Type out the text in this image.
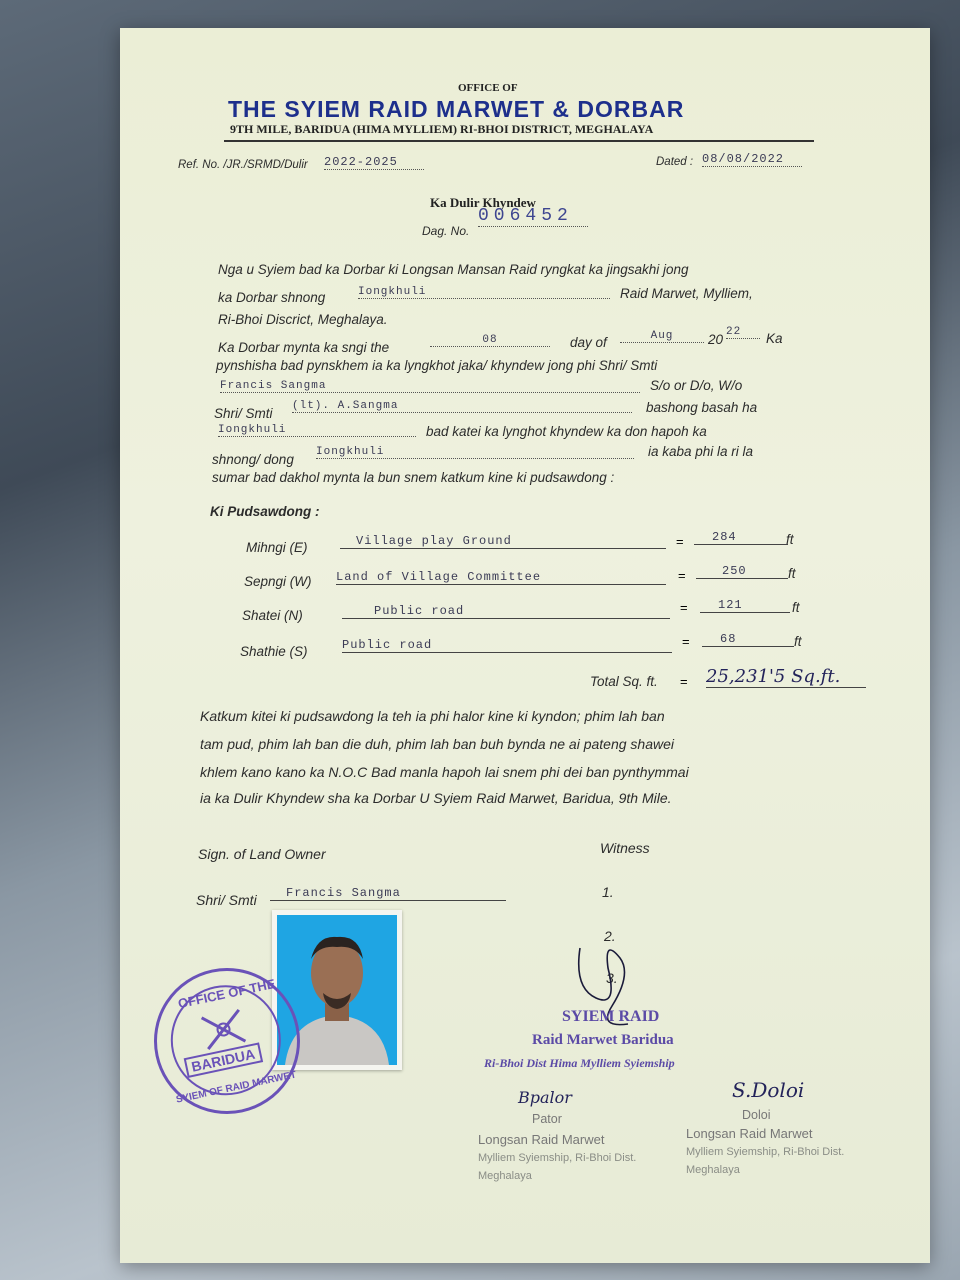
OFFICE OF
THE SYIEM RAID MARWET & DORBAR
9TH MILE, BARIDUA (HIMA MYLLIEM) RI-BHOI DISTRICT, MEGHALAYA
Ref. No. /JR./SRMD/Dulir 2022-2025	Dated : 08/08/2022
Ka Dulir Khyndew
Dag. No.
006452
Nga u Syiem bad ka Dorbar ki Longsan Mansan Raid ryngkat ka jingsakhi jong
ka Dorbar shnong	Iongkhuli	Raid Marwet, Mylliem,
Ri-Bhoi Discrict, Meghalaya.
Ka Dorbar mynta ka sngi the	08	day of	Aug	20 22	Ka
pynshisha bad pynskhem ia ka lyngkhot jaka/ khyndew jong phi Shri/ Smti
Francis Sangma	S/o or D/o, W/o
Shri/ Smti (lt). A.Sangma	bashong basah ha
Iongkhuli	bad katei ka lynghot khyndew ka don hapoh ka
shnong/ dong Iongkhuli	ia kaba phi la ri la
sumar bad dakhol mynta la bun snem katkum kine ki pudsawdong :
Ki Pudsawdong :
Mihngi (E)	Village play Ground	=	284	ft
Sepngi (W) Land of Village Committee	=	250	ft
Shatei (N)	Public road	=	121	ft
Shathie (S)	Public road	=	68	ft
Total Sq. ft. = 25,231'5 Sq.ft.
Katkum kitei ki pudsawdong la teh ia phi halor kine ki kyndon; phim lah ban
tam pud, phim lah ban die duh, phim lah ban buh bynda ne ai pateng shawei
khlem kano kano ka N.O.C Bad manla hapoh lai snem phi dei ban pynthymmai
ia ka Dulir Khyndew sha ka Dorbar U Syiem Raid Marwet, Baridua, 9th Mile.
Sign. of Land Owner	Witness
Shri/ Smti	Francis Sangma	1.
2.
3.
OFFICE OF THE
BARIDUA
SYIEM OF RAID MARWET
SYIEM RAID
Raid Marwet Baridua
Ri-Bhoi Dist Hima Mylliem Syiemship
Bpalor
Pator
Longsan Raid Marwet
Mylliem Syiemship, Ri-Bhoi Dist.
Meghalaya
S.Doloi
Doloi
Longsan Raid Marwet
Mylliem Syiemship, Ri-Bhoi Dist.
Meghalaya
